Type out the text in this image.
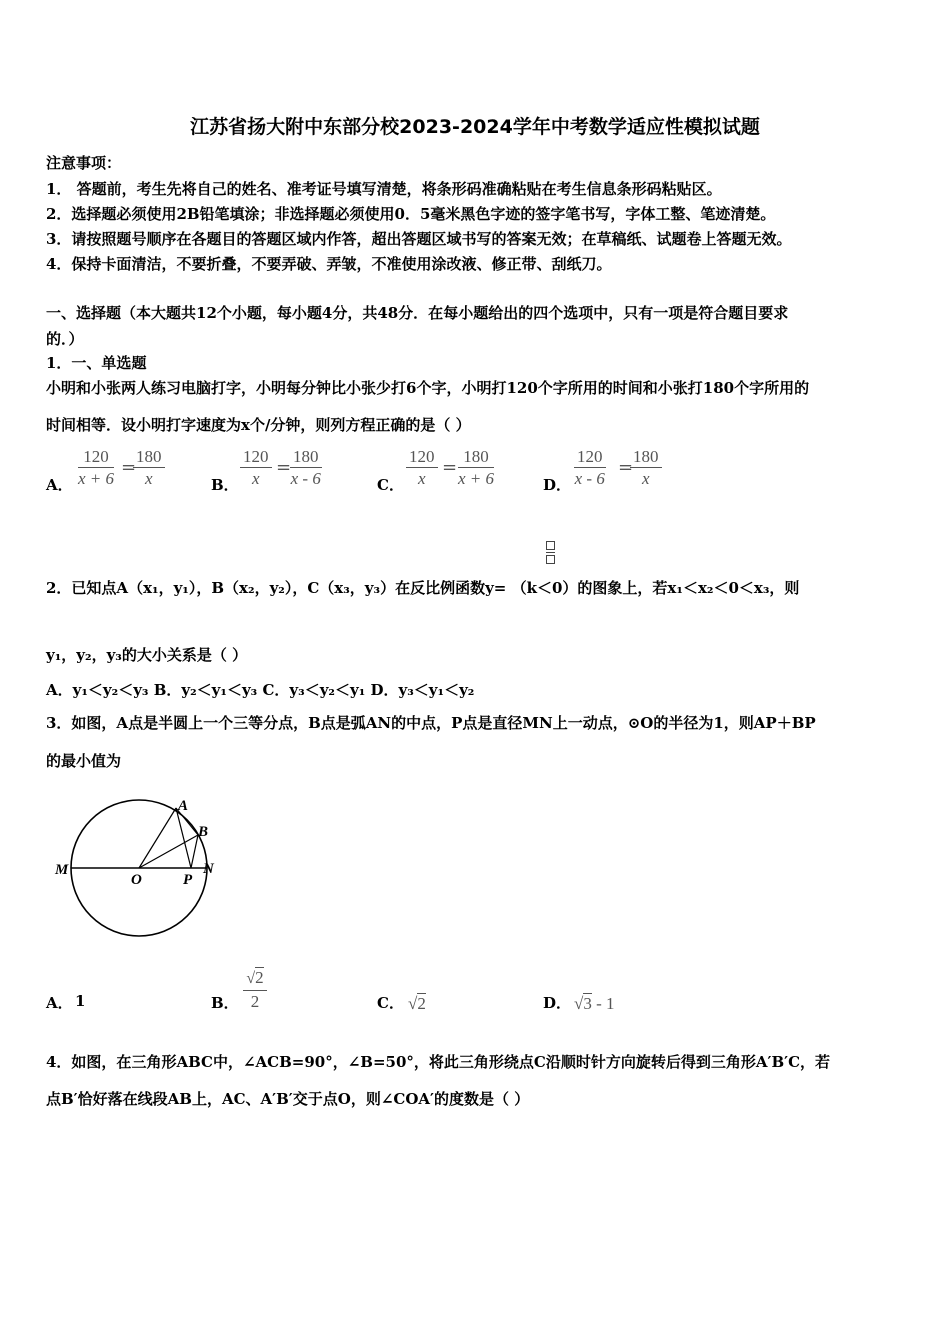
江苏省扬大附中东部分校2023-2024学年中考数学适应性模拟试题
注意事项：
1． 答题前，考生先将自己的姓名、准考证号填写清楚，将条形码准确粘贴在考生信息条形码粘贴区。
2．选择题必须使用2B铅笔填涂；非选择题必须使用0．5毫米黑色字迹的签字笔书写，字体工整、笔迹清楚。
3．请按照题号顺序在各题目的答题区域内作答，超出答题区域书写的答案无效；在草稿纸、试题卷上答题无效。
4．保持卡面清洁，不要折叠，不要弄破、弄皱，不准使用涂改液、修正带、刮纸刀。
一、选择题（本大题共12个小题，每小题4分，共48分．在每小题给出的四个选项中，只有一项是符合题目要求
的．）
1．一、单选题
小明和小张两人练习电脑打字，小明每分钟比小张少打6个字，小明打120个字所用的时间和小张打180个字所用的
时间相等．设小明打字速度为x个/分钟，则列方程正确的是（ ）
A． $\frac{120}{x + 6}$ =
$\frac{180}{x}$	B． $\frac{120}{x}$ =
$\frac{180}{x - 6}$	C． $\frac{120}{x} = \frac{180}{x + 6}$	D． $\frac{120}{x - 6}$ =
$\frac{180}{x}$
2．已知点A（x₁，y₁），B（x₂，y₂），C（x₃，y₃）在反比例函数y= （k＜0）的图象上，若x₁＜x₂＜0＜x₃，则
y₁，y₂，y₃的大小关系是（ ）
A．y₁＜y₂＜y₃ B．y₂＜y₁＜y₃ C．y₃＜y₂＜y₁ D．y₃＜y₁＜y₂
3．如图，A点是半圆上一个三等分点，B点是弧AN的中点，P点是直径MN上一动点，⊙O的半径为1，则AP＋BP
的最小值为
A
B
M
O	P
N
A． 1	B．
√2
2	C． √2	D． √3 - 1
4．如图，在三角形ABC中，∠ACB=90°，∠B=50°，将此三角形绕点C沿顺时针方向旋转后得到三角形A′B′C，若
点B′恰好落在线段AB上，AC、A′B′交于点O，则∠COA′的度数是（ ）
